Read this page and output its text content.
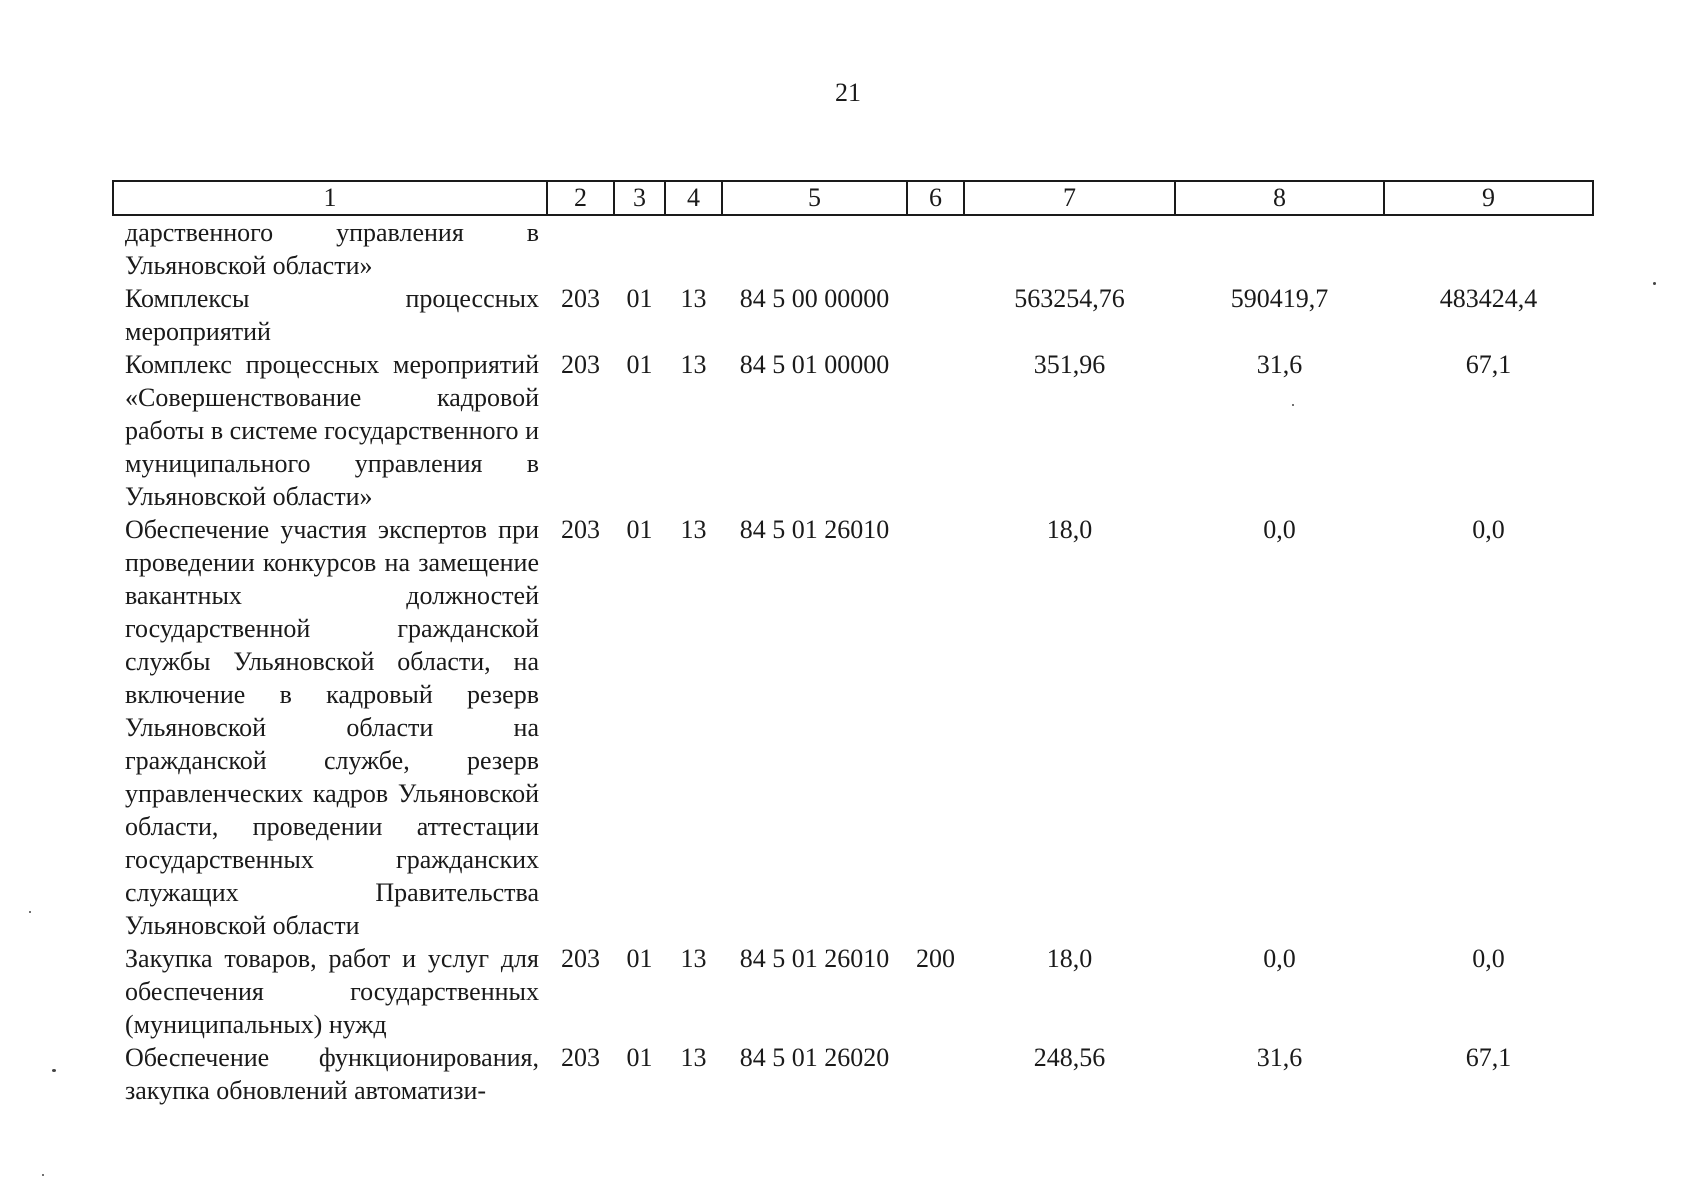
21
1	2	3	4	5	6	7	8	9
дарственного управления в Ульяновской области»								
Комплексы процессных мероприятий	203	01	13	84 5 00 00000		563254,76	590419,7	483424,4
Комплекс процессных мероприятий «Совершенствование кадровой работы в системе государственного и муниципального управления в Ульяновской области»	203	01	13	84 5 01 00000		351,96	31,6	67,1
Обеспечение участия экспертов при проведении конкурсов на замещение вакантных должностей государственной гражданской службы Ульяновской области, на включение в кадровый резерв Ульяновской области на гражданской службе, резерв управленческих кадров Ульяновской области, проведении аттестации государственных гражданских служащих Правительства Ульяновской области	203	01	13	84 5 01 26010		18,0	0,0	0,0
Закупка товаров, работ и услуг для обеспечения государственных (муниципальных) нужд	203	01	13	84 5 01 26010	200	18,0	0,0	0,0
Обеспечение функционирования, закупка обновлений автоматизи-	203	01	13	84 5 01 26020		248,56	31,6	67,1
